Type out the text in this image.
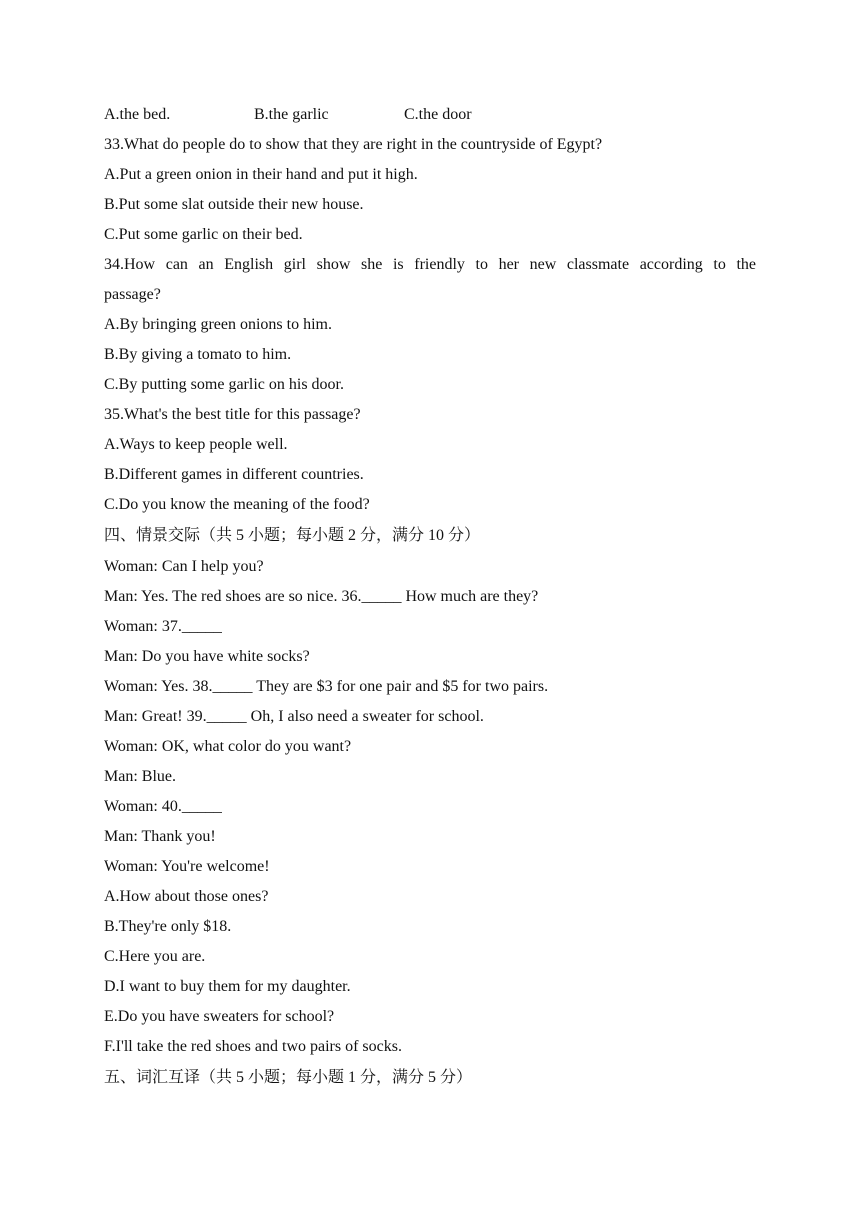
A.the bed.	B.the garlic	C.the door
33.What do people do to show that they are right in the countryside of Egypt?
A.Put a green onion in their hand and put it high.
B.Put some slat outside their new house.
C.Put some garlic on their bed.
34.How can an English girl show she is friendly to her new classmate according to the
passage?
A.By bringing green onions to him.
B.By giving a tomato to him.
C.By putting some garlic on his door.
35.What's the best title for this passage?
A.Ways to keep people well.
B.Different games in different countries.
C.Do you know the meaning of the food?
四、情景交际（共 5 小题；每小题 2 分，满分 10 分）
Woman: Can I help you?
Man: Yes. The red shoes are so nice. 36._____ How much are they?
Woman: 37._____
Man: Do you have white socks?
Woman: Yes. 38._____ They are $3 for one pair and $5 for two pairs.
Man: Great! 39._____ Oh, I also need a sweater for school.
Woman: OK, what color do you want?
Man: Blue.
Woman: 40._____
Man: Thank you!
Woman: You're welcome!
A.How about those ones?
B.They're only $18.
C.Here you are.
D.I want to buy them for my daughter.
E.Do you have sweaters for school?
F.I'll take the red shoes and two pairs of socks.
五、词汇互译（共 5 小题；每小题 1 分，满分 5 分）
